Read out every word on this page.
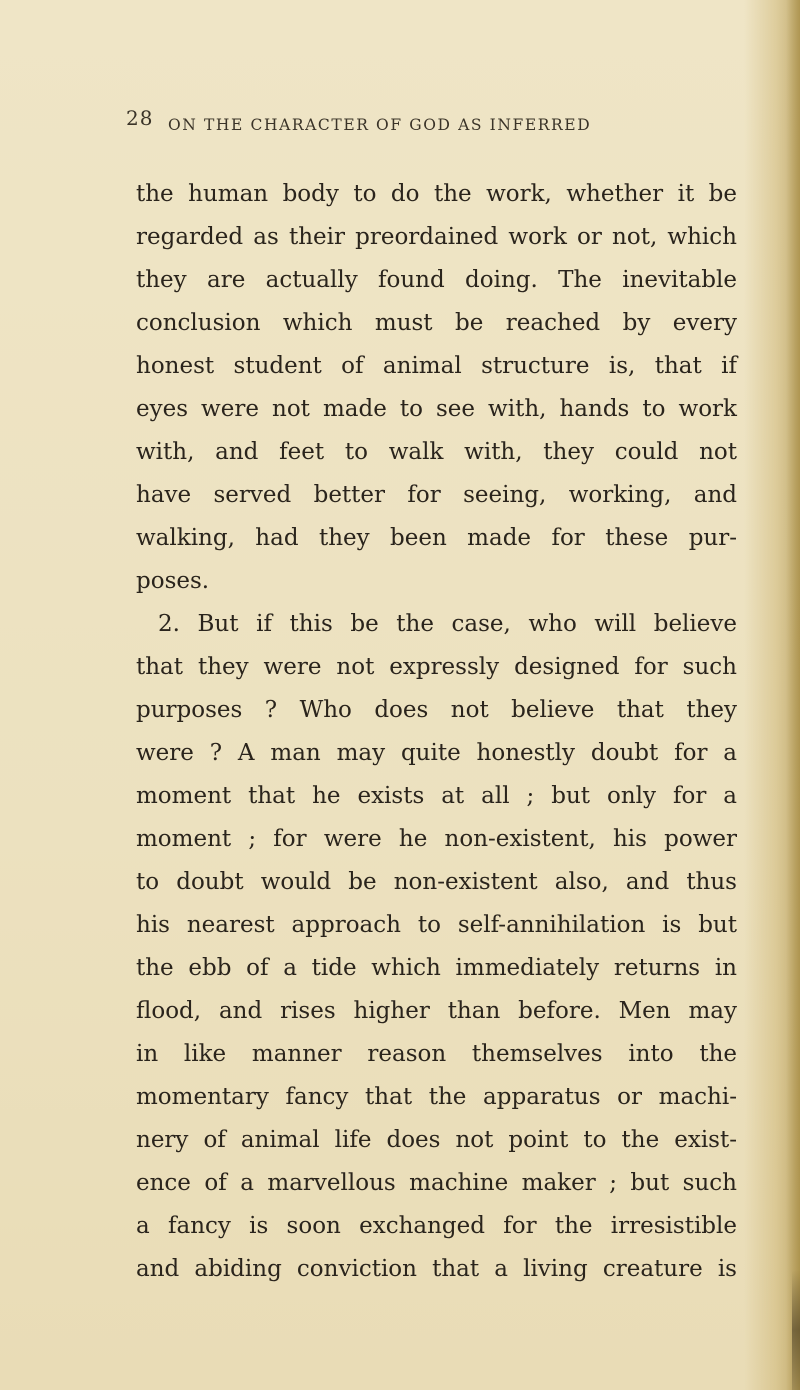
28 ON THE CHARACTER OF GOD AS INFERRED
the human body to do the work, whether it be
regarded as their preordained work or not, which
they are actually found doing. The inevitable
conclusion which must be reached by every
honest student of animal structure is, that if
eyes were not made to see with, hands to work
with, and feet to walk with, they could not
have served better for seeing, working, and
walking, had they been made for these pur-
poses.
2. But if this be the case, who will believe
that they were not expressly designed for such
purposes ? Who does not believe that they
were ? A man may quite honestly doubt for a
moment that he exists at all ; but only for a
moment ; for were he non-existent, his power
to doubt would be non-existent also, and thus
his nearest approach to self-annihilation is but
the ebb of a tide which immediately returns in
flood, and rises higher than before. Men may
in like manner reason themselves into the
momentary fancy that the apparatus or machi-
nery of animal life does not point to the exist-
ence of a marvellous machine maker ; but such
a fancy is soon exchanged for the irresistible
and abiding conviction that a living creature is
